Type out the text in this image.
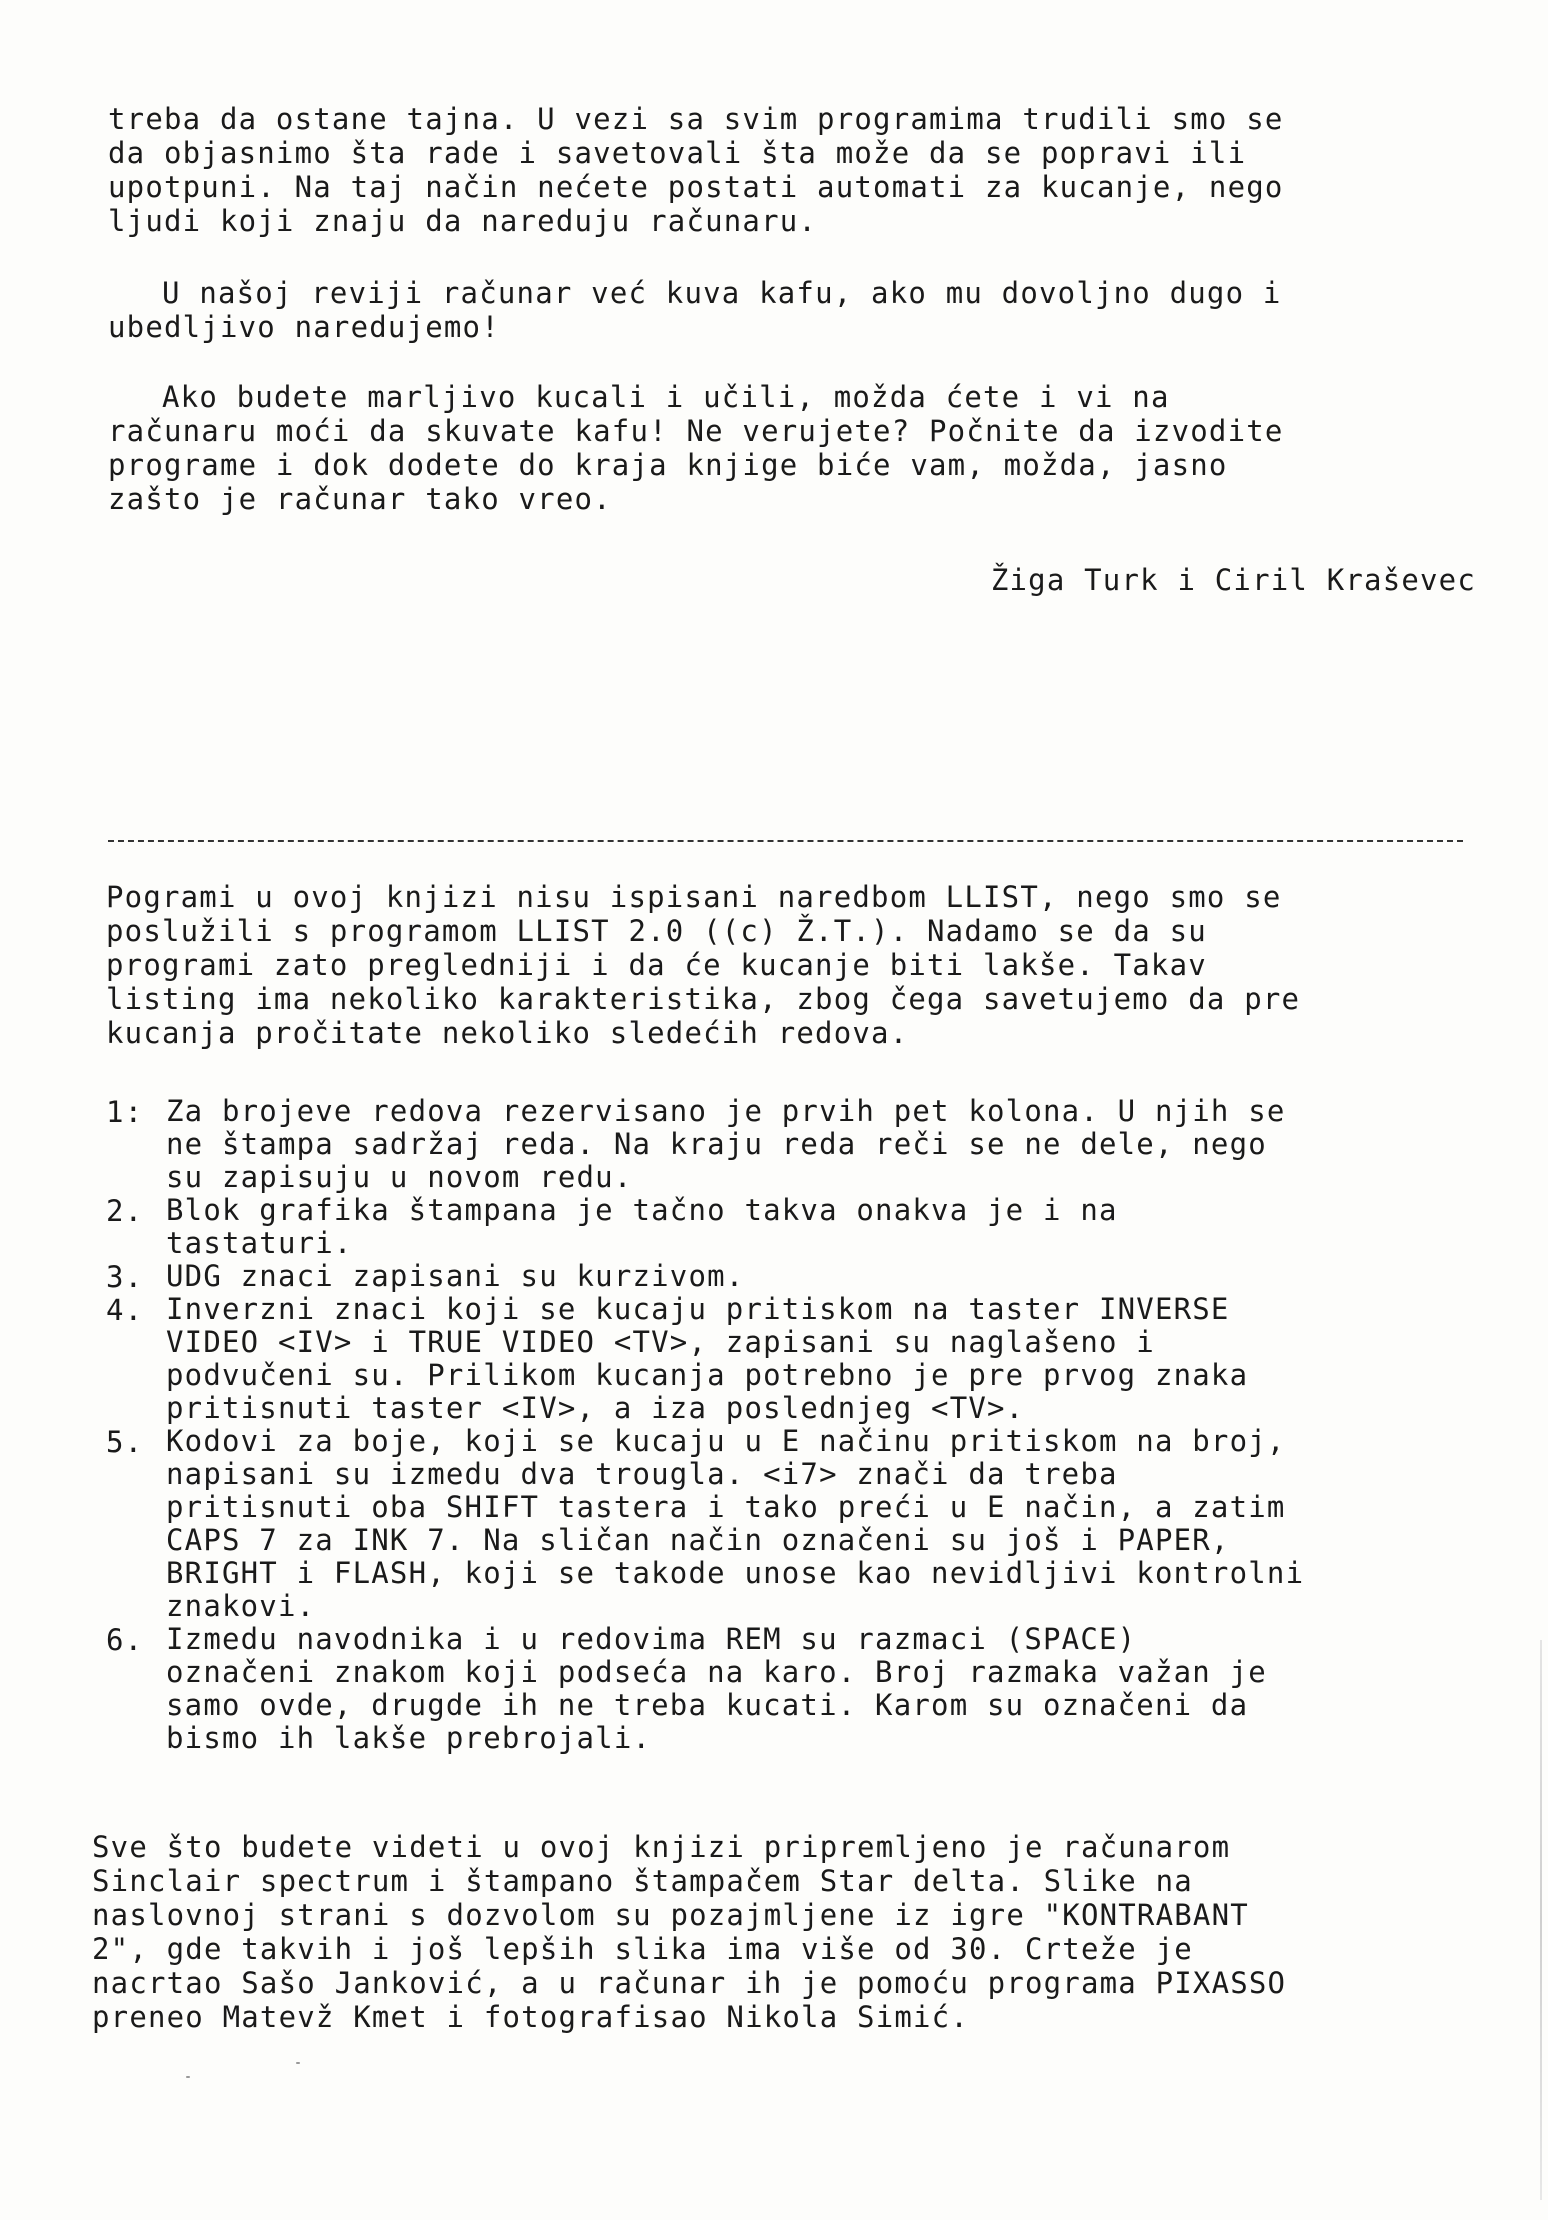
treba da ostane tajna. U vezi sa svim programima trudili smo se

da objasnimo šta rade i savetovali šta može da se popravi ili

upotpuni. Na taj način nećete postati automati za kucanje, nego

ljudi koji znaju da nareduju računaru.

U našoj reviji računar već kuva kafu, ako mu dovoljno dugo i

ubedljivo naredujemo!

Ako budete marljivo kucali i učili, možda ćete i vi na

računaru moći da skuvate kafu! Ne verujete? Počnite da izvodite

programe i dok dodete do kraja knjige biće vam, možda, jasno

zašto je računar tako vreo.

Žiga Turk i Ciril Kraševec

Pogrami u ovoj knjizi nisu ispisani naredbom LLIST, nego smo se

poslužili s programom LLIST 2.0 ((c) Ž.T.). Nadamo se da su

programi zato pregledniji i da će kucanje biti lakše. Takav

listing ima nekoliko karakteristika, zbog čega savetujemo da pre

kucanja pročitate nekoliko sledećih redova.

1: Za brojeve redova rezervisano je prvih pet kolona. U njih se

ne štampa sadržaj reda. Na kraju reda reči se ne dele, nego

su zapisuju u novom redu.

2. Blok grafika štampana je tačno takva onakva je i na

tastaturi.

3. UDG znaci zapisani su kurzivom.

4. Inverzni znaci koji se kucaju pritiskom na taster INVERSE

VIDEO <IV> i TRUE VIDEO <TV>, zapisani su naglašeno i

podvučeni su. Prilikom kucanja potrebno je pre prvog znaka

pritisnuti taster <IV>, a iza poslednjeg <TV>.

5. Kodovi za boje, koji se kucaju u E načinu pritiskom na broj,

napisani su izmedu dva trougla. <i7> znači da treba

pritisnuti oba SHIFT tastera i tako preći u E način, a zatim

CAPS 7 za INK 7. Na sličan način označeni su još i PAPER,

BRIGHT i FLASH, koji se takode unose kao nevidljivi kontrolni

znakovi.

6. Izmedu navodnika i u redovima REM su razmaci (SPACE)

označeni znakom koji podseća na karo. Broj razmaka važan je

samo ovde, drugde ih ne treba kucati. Karom su označeni da

bismo ih lakše prebrojali.

Sve što budete videti u ovoj knjizi pripremljeno je računarom

Sinclair spectrum i štampano štampačem Star delta. Slike na

naslovnoj strani s dozvolom su pozajmljene iz igre "KONTRABANT

2", gde takvih i još lepših slika ima više od 30. Crteže je

nacrtao Sašo Janković, a u računar ih je pomoću programa PIXASSO

preneo Matevž Kmet i fotografisao Nikola Simić.
